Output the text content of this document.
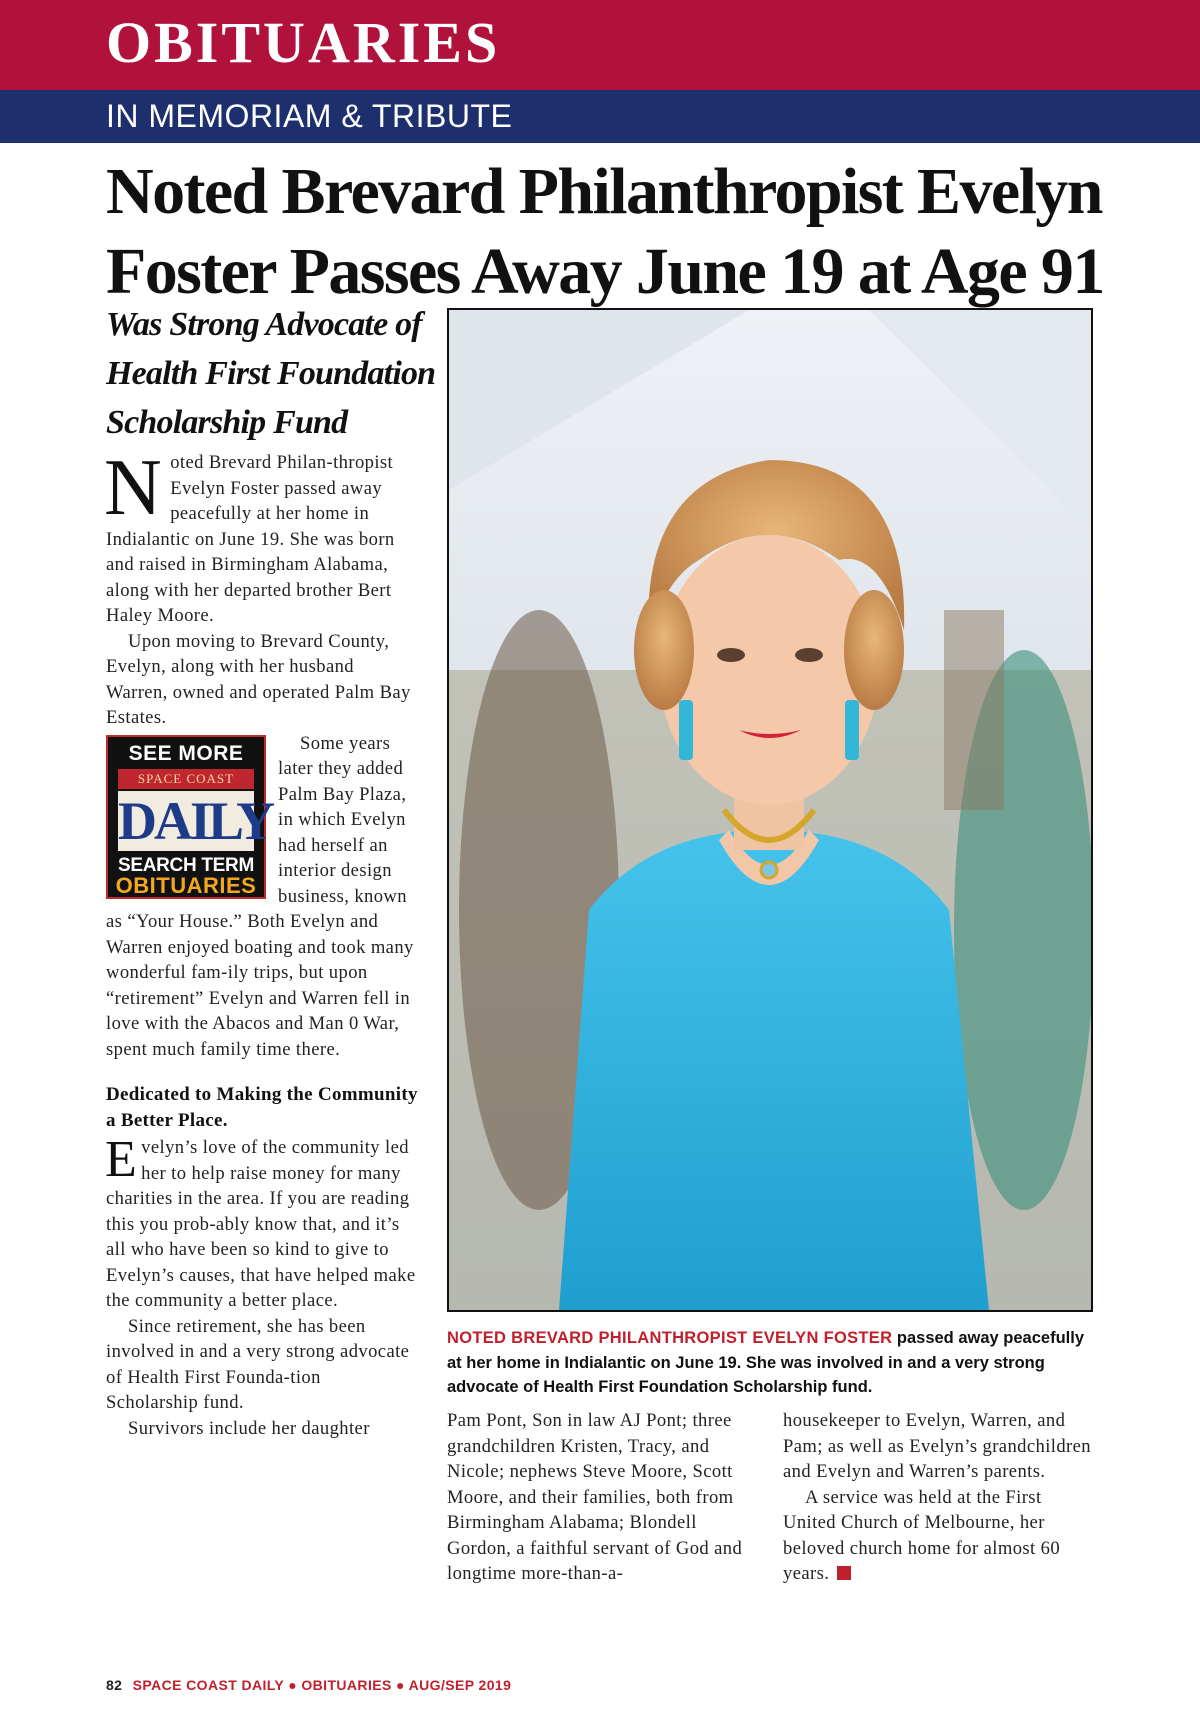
OBITUARIES
IN MEMORIAM & TRIBUTE
Noted Brevard Philanthropist Evelyn
Foster Passes Away June 19 at Age 91
Was Strong Advocate of
Health First Foundation
Scholarship Fund

Noted Brevard Philan-thropist Evelyn Foster passed away peacefully at her home in Indialantic on June 19. She was born and raised in Birmingham Alabama, along with her departed brother Bert Haley Moore.

Upon moving to Brevard County, Evelyn, along with her husband Warren, owned and operated Palm Bay Estates.

SEE MORE
SPACE COAST
DAILY
SEARCH TERM
OBITUARIES

Some years later they added Palm Bay Plaza, in which Evelyn had herself an interior design business, known as “Your House.” Both Evelyn and Warren enjoyed boating and took many wonderful fam-ily trips, but upon “retirement” Evelyn and Warren fell in love with the Abacos and Man 0 War, spent much family time there.

Dedicated to Making the Community a Better Place.

Evelyn’s love of the community led her to help raise money for many charities in the area. If you are reading this you prob-ably know that, and it’s all who have been so kind to give to Evelyn’s causes, that have helped make the community a better place.

Since retirement, she has been involved in and a very strong advocate of Health First Founda-tion Scholarship fund.

Survivors include her daughter

NOTED BREVARD PHILANTHROPIST EVELYN FOSTER passed away peacefully at her home in Indialantic on June 19. She was involved in and a very strong advocate of Health First Foundation Scholarship fund.

Pam Pont, Son in law AJ Pont; three grandchildren Kristen, Tracy, and Nicole; nephews Steve Moore, Scott Moore, and their families, both from Birmingham Alabama; Blondell Gordon, a faithful servant of God and longtime more-than-a-

housekeeper to Evelyn, Warren, and Pam; as well as Evelyn’s grandchildren and Evelyn and Warren’s parents.

A service was held at the First United Church of Melbourne, her beloved church home for almost 60 years.

82 SPACE COAST DAILY ● OBITUARIES ● AUG/SEP 2019
